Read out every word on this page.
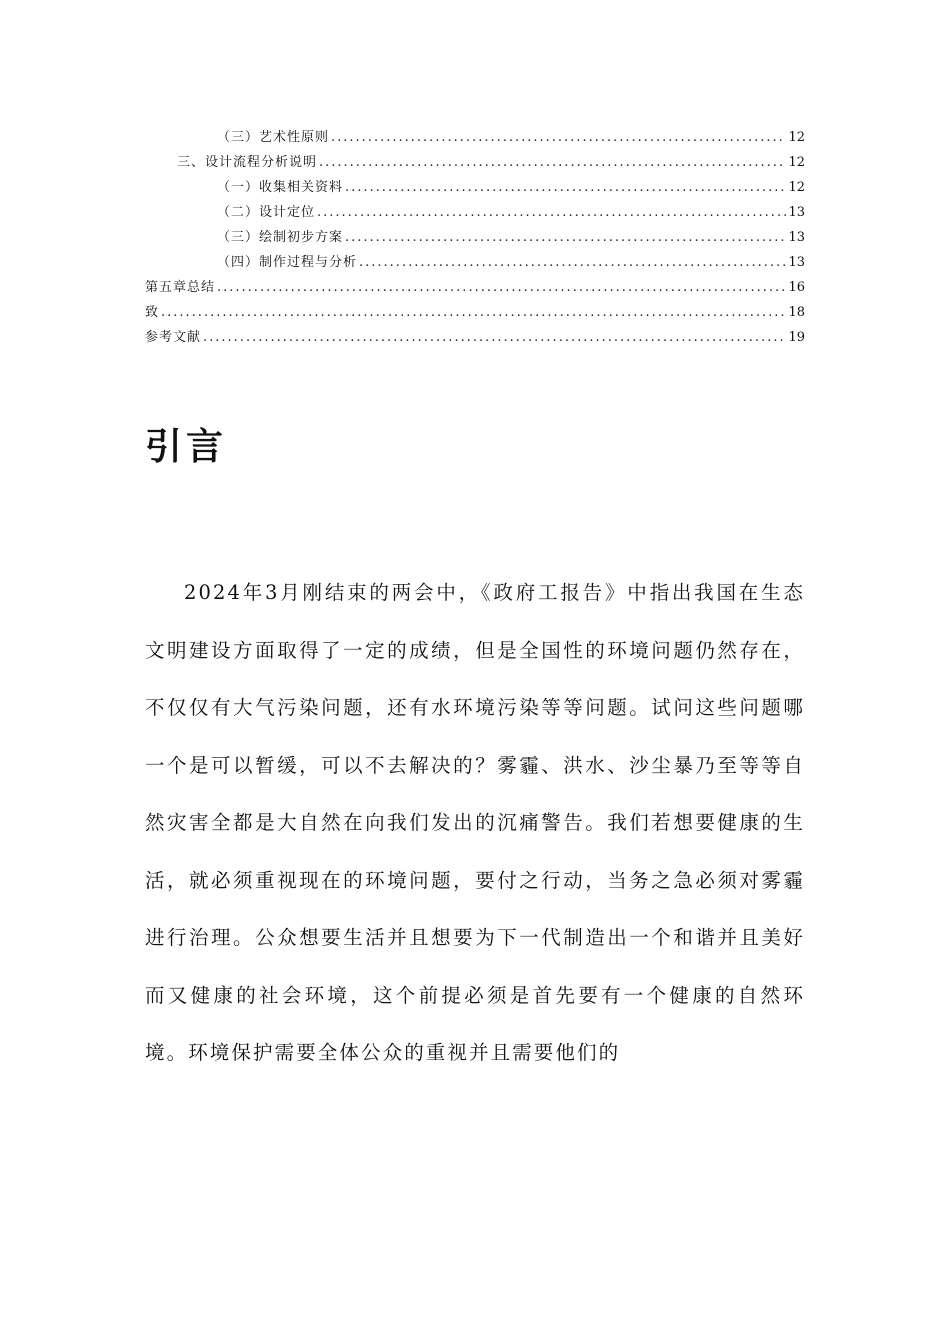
（三）艺术性原则 .....	12
三、设计流程分析说明 .....	12
（一）收集相关资料 .....	12
（二）设计定位 .....	13
（三）绘制初步方案 .....	13
（四）制作过程与分析 .....	13
第五章总结 .....	16
致 .....	18
参考文献 .....	19
引言

2024年3月刚结束的两会中，《政府工报告》中指出我国在生态文明建设方面取得了一定的成绩，但是全国性的环境问题仍然存在，不仅仅有大气污染问题，还有水环境污染等等问题。试问这些问题哪一个是可以暂缓，可以不去解决的？雾霾、洪水、沙尘暴乃至等等自然灾害全都是大自然在向我们发出的沉痛警告。我们若想要健康的生活，就必须重视现在的环境问题，要付之行动，当务之急必须对雾霾进行治理。公众想要生活并且想要为下一代制造出一个和谐并且美好而又健康的社会环境，这个前提必须是首先要有一个健康的自然环境。环境保护需要全体公众的重视并且需要他们的
